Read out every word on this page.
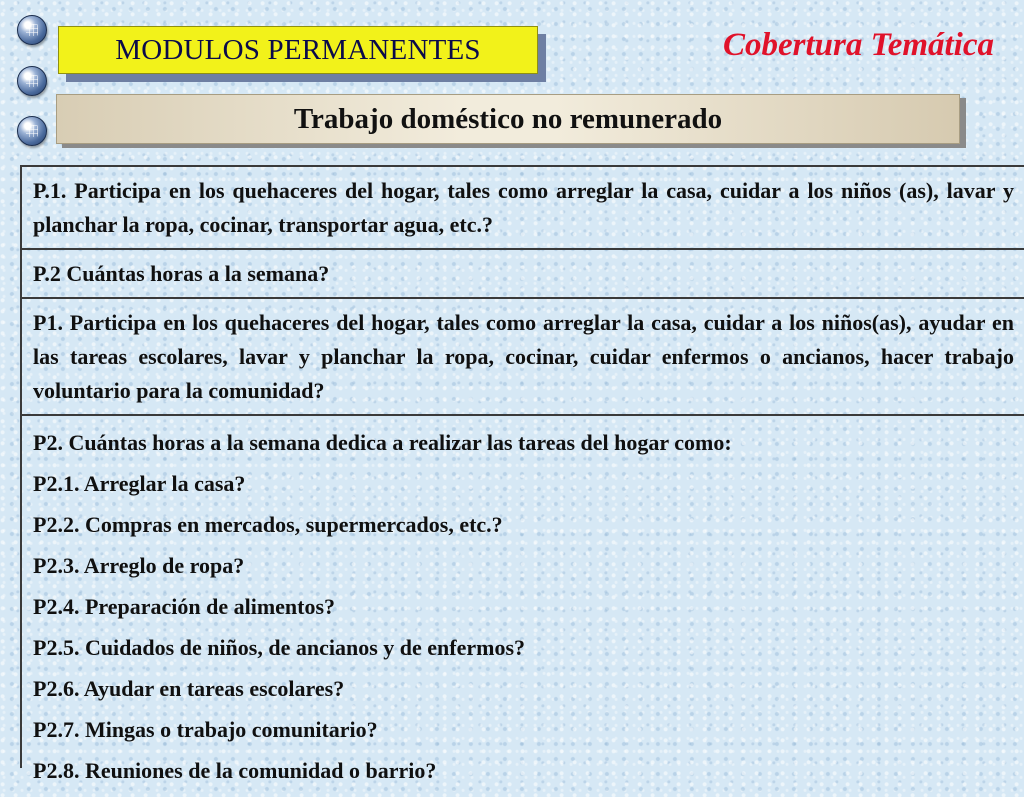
MODULOS PERMANENTES	Cobertura Temática
Trabajo doméstico no remunerado
P.1. Participa en los quehaceres del hogar, tales como arreglar la casa, cuidar a los niños (as), lavar y planchar la ropa, cocinar, transportar agua, etc.?
P.2 Cuántas horas a la semana?
P1. Participa en los quehaceres del hogar, tales como arreglar la casa, cuidar a los niños(as), ayudar en las tareas escolares, lavar y planchar la ropa, cocinar, cuidar enfermos o ancianos, hacer trabajo voluntario para la comunidad?
P2. Cuántas horas a la semana dedica a realizar las tareas del hogar como:
P2.1. Arreglar la casa?
P2.2. Compras en mercados, supermercados, etc.?
P2.3. Arreglo de ropa?
P2.4. Preparación de alimentos?
P2.5. Cuidados de niños, de ancianos y de enfermos?
P2.6. Ayudar en tareas escolares?
P2.7. Mingas o trabajo comunitario?
P2.8. Reuniones de la comunidad o barrio?
